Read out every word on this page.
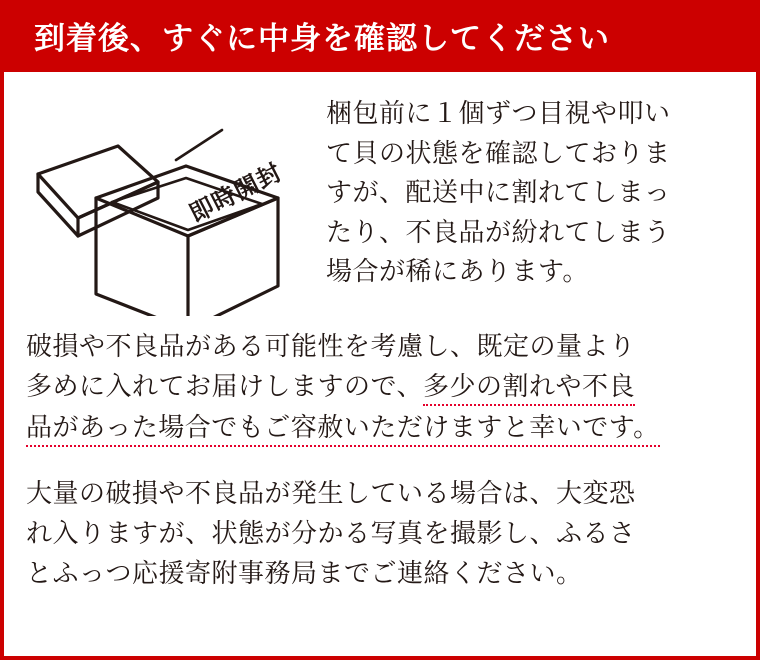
到着後、すぐに中身を確認してください
即時開封
梱包前に１個ずつ目視や叩い
て貝の状態を確認しておりま
すが、配送中に割れてしまっ
たり、不良品が紛れてしまう
場合が稀にあります。
破損や不良品がある可能性を考慮し、既定の量より
多めに入れてお届けしますので、多少の割れや不良
品があった場合でもご容赦いただけますと幸いです。
大量の破損や不良品が発生している場合は、大変恐
れ入りますが、状態が分かる写真を撮影し、ふるさ
とふっつ応援寄附事務局までご連絡ください。
